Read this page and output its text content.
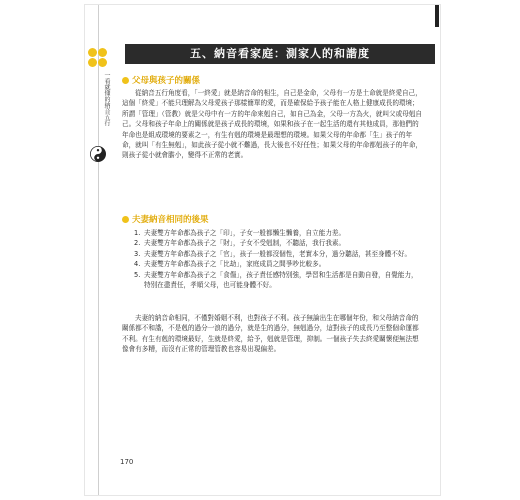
一看就懂的納音五行
五、納音看家庭：測家人的和諧度
父母與孩子的關係

從納音五行角度看，「一終愛」就是納音命的相生，自己是金命，父母有一方是土命就是終愛自己，這個「終愛」不能只理解為父母愛孩子那樣簡單的愛，而是確保給予孩子能在人格上健康成長的環境；所謂「管理」（管教）就是父母中有一方的年命來剋自己，如自己為金，父母一方為火，就叫父或母剋自己。父母和孩子年命上的關係就是孩子成長的環境，如果和孩子在一起生活的還有其他成員，那他們的年命也是組成環境的要素之一，有生有剋的環境是最理想的環境。如果父母的年命都「生」孩子的年命，就叫「有生無剋」，如此孩子從小就不難過，長大後也不好任性；如果父母的年命都剋孩子的年命，則孩子從小就會膽小，變得不正常的老實。

夫妻納音相同的後果
1. 夫妻雙方年命都為孩子之「印」，子女一般都懶生懶養，自立能力差。
2. 夫妻雙方年命都為孩子之「財」，子女不受剋制，不聽話，我行我素。
3. 夫妻雙方年命都為孩子之「官」，孩子一般都沒個性，老實本分，過分聽話，甚至身體不好。
4. 夫妻雙方年命都為孩子之「比劫」，家庭成員之間爭吵比較多。
5. 夫妻雙方年命都為孩子之「食傷」，孩子責任感特別強，學習和生活都是自動自發，自覺能力，特別在盡責任，孝順父母，也可能身體不好。

夫妻的納音命相同，不僅對婚姻不利，也對孩子不利。孩子無論出生在哪個年份，和父母納音命的關係都不和諧，不是剋的過分一浪的過分，就是生的過分，無剋過分，這對孩子的成長乃至整個命運都不利。有生有剋的環境最好，生就是終愛，給予，剋就是管理，抑制。一個孩子失去終愛關懷便無法想像會有多糟，而沒有正常的管理管教也容易出現偏差。

170
